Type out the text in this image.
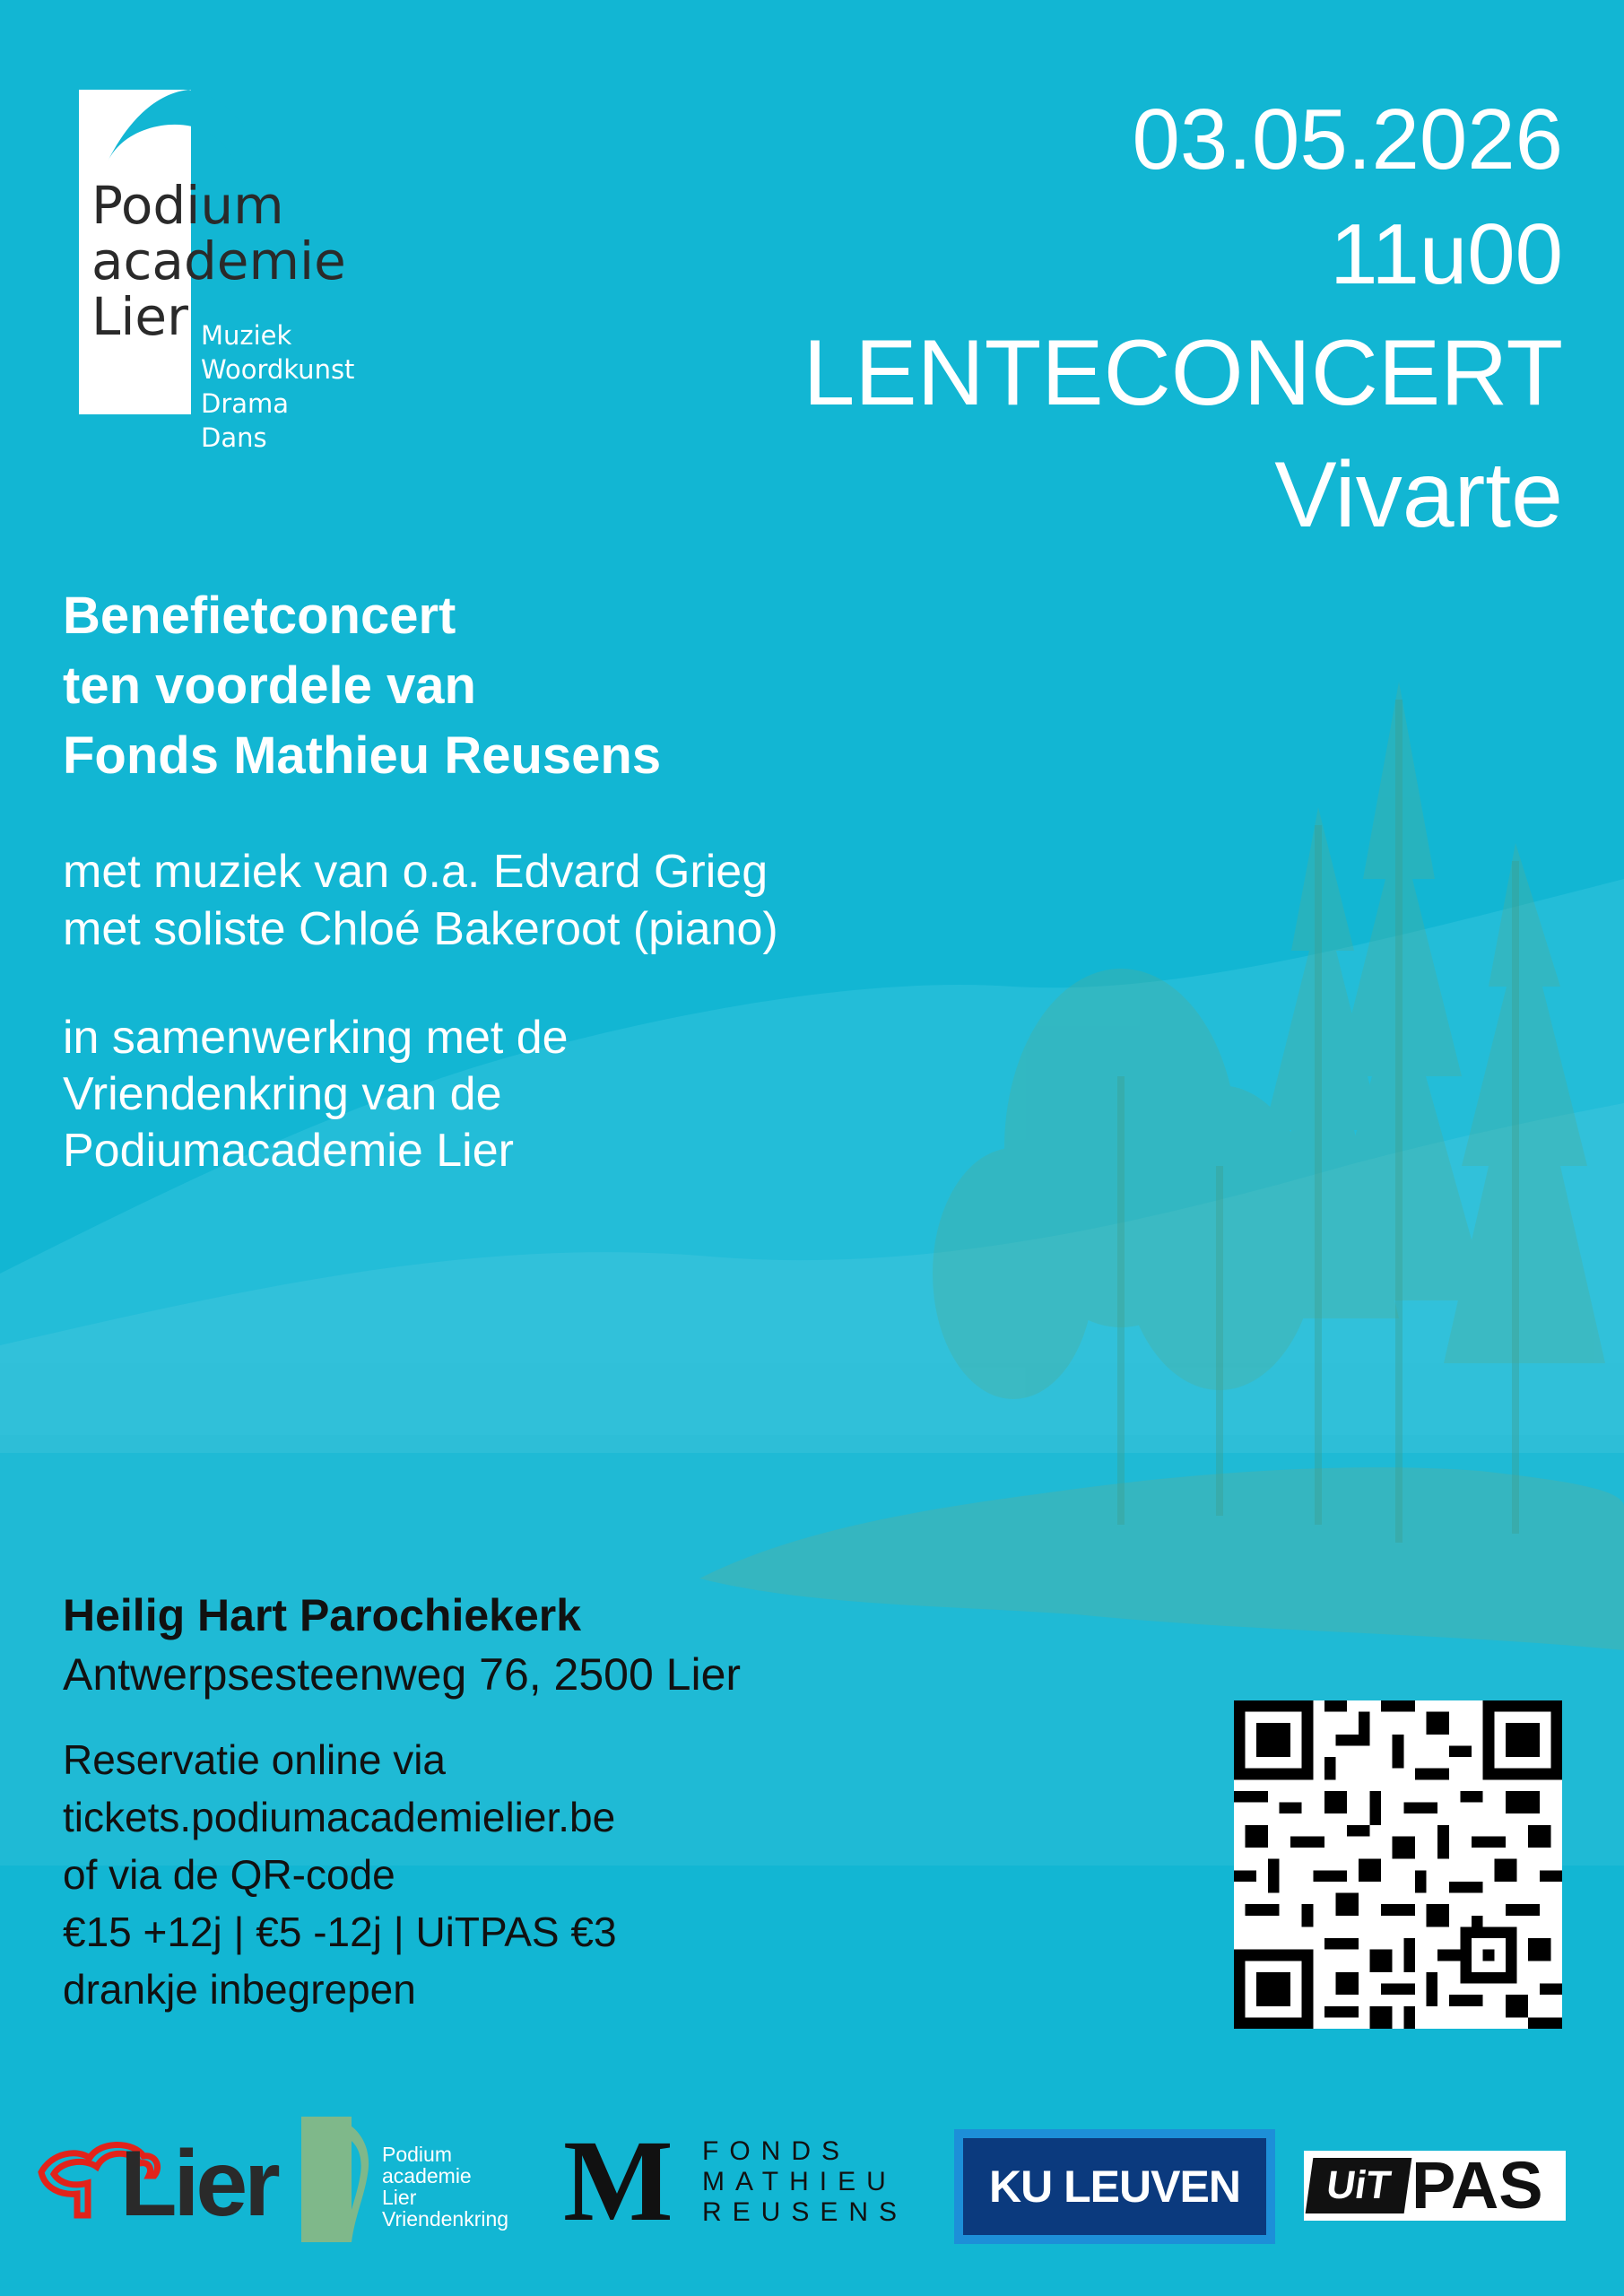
Podium
academie
Lier Muziek
Woordkunst
Drama
Dans
03.05.2026
11u00
LENTECONCERT
Vivarte
Benefietconcert
ten voordele van
Fonds Mathieu Reusens
met muziek van o.a. Edvard Grieg
met soliste Chloé Bakeroot (piano)
in samenwerking met de
Vriendenkring van de
Podiumacademie Lier
Heilig Hart Parochiekerk
Antwerpsesteenweg 76, 2500 Lier
Reservatie online via
tickets.podiumacademielier.be
of via de QR-code
€15 +12j | €5 -12j | UiTPAS €3
drankje inbegrepen
Lier	Podium
academie
Lier
Vriendenkring M FONDS
MATHIEU
REUSENS
KU LEUVEN	UiT PAS
